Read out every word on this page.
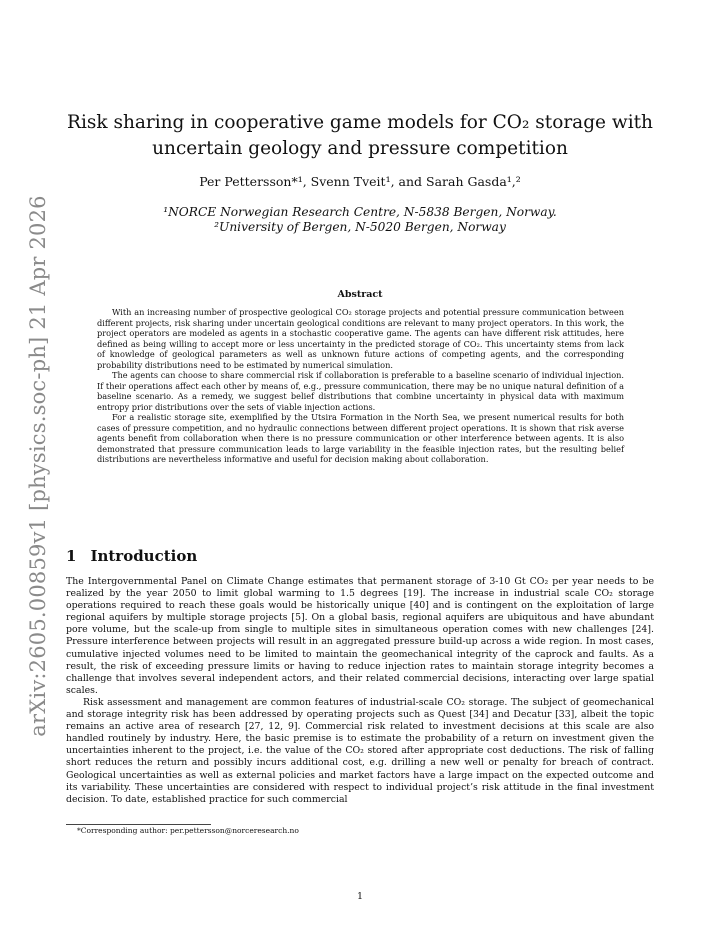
arXiv:2605.00859v1 [physics.soc-ph] 21 Apr 2026
Risk sharing in cooperative game models for CO₂ storage with
uncertain geology and pressure competition
Per Pettersson*¹, Svenn Tveit¹, and Sarah Gasda¹,²
¹NORCE Norwegian Research Centre, N-5838 Bergen, Norway.
²University of Bergen, N-5020 Bergen, Norway
Abstract

With an increasing number of prospective geological CO₂ storage projects and potential pressure communication between different projects, risk sharing under uncertain geological conditions are relevant to many project operators. In this work, the project operators are modeled as agents in a stochastic cooperative game. The agents can have different risk attitudes, here defined as being willing to accept more or less uncertainty in the predicted storage of CO₂. This uncertainty stems from lack of knowledge of geological parameters as well as unknown future actions of competing agents, and the corresponding probability distributions need to be estimated by numerical simulation.

The agents can choose to share commercial risk if collaboration is preferable to a baseline scenario of individual injection. If their operations affect each other by means of, e.g., pressure communication, there may be no unique natural definition of a baseline scenario. As a remedy, we suggest belief distributions that combine uncertainty in physical data with maximum entropy prior distributions over the sets of viable injection actions.

For a realistic storage site, exemplified by the Utsira Formation in the North Sea, we present numerical results for both cases of pressure competition, and no hydraulic connections between different project operations. It is shown that risk averse agents benefit from collaboration when there is no pressure communication or other interference between agents. It is also demonstrated that pressure communication leads to large variability in the feasible injection rates, but the resulting belief distributions are nevertheless informative and useful for decision making about collaboration.

1 Introduction

The Intergovernmental Panel on Climate Change estimates that permanent storage of 3-10 Gt CO₂ per year needs to be realized by the year 2050 to limit global warming to 1.5 degrees [19]. The increase in industrial scale CO₂ storage operations required to reach these goals would be historically unique [40] and is contingent on the exploitation of large regional aquifers by multiple storage projects [5]. On a global basis, regional aquifers are ubiquitous and have abundant pore volume, but the scale-up from single to multiple sites in simultaneous operation comes with new challenges [24]. Pressure interference between projects will result in an aggregated pressure build-up across a wide region. In most cases, cumulative injected volumes need to be limited to maintain the geomechanical integrity of the caprock and faults. As a result, the risk of exceeding pressure limits or having to reduce injection rates to maintain storage integrity becomes a challenge that involves several independent actors, and their related commercial decisions, interacting over large spatial scales.

Risk assessment and management are common features of industrial-scale CO₂ storage. The subject of geomechanical and storage integrity risk has been addressed by operating projects such as Quest [34] and Decatur [33], albeit the topic remains an active area of research [27, 12, 9]. Commercial risk related to investment decisions at this scale are also handled routinely by industry. Here, the basic premise is to estimate the probability of a return on investment given the uncertainties inherent to the project, i.e. the value of the CO₂ stored after appropriate cost deductions. The risk of falling short reduces the return and possibly incurs additional cost, e.g. drilling a new well or penalty for breach of contract. Geological uncertainties as well as external policies and market factors have a large impact on the expected outcome and its variability. These uncertainties are considered with respect to individual project’s risk attitude in the final investment decision. To date, established practice for such commercial

*Corresponding author: per.pettersson@norceresearch.no
1
